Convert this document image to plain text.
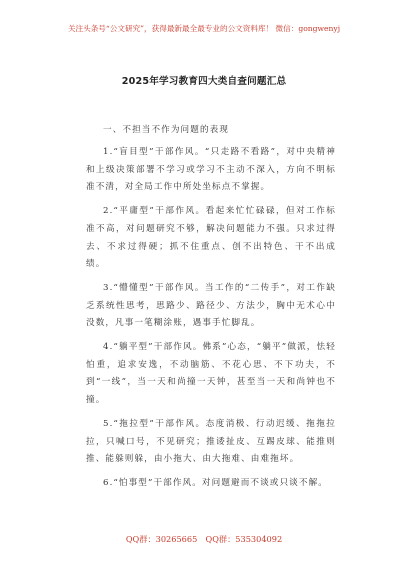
关注头条号“公文研究”，获得最新最全最专业的公文资料库！ 微信：gongwenyj
2025年学习教育四大类自查问题汇总

一、不担当不作为问题的表现

1.“盲目型”干部作风。“只走路不看路”，对中央精神和上级决策部署不学习或学习不主动不深入，方向不明标准不清，对全局工作中所处坐标点不掌握。

2.“平庸型”干部作风。看起来忙忙碌碌，但对工作标准不高，对问题研究不够，解决问题能力不强。只求过得去、不求过得硬；抓不住重点、创不出特色、干不出成绩。

3.“懵懂型”干部作风。当工作的“二传手”，对工作缺乏系统性思考，思路少、路径少、方法少，胸中无术心中没数，凡事一笔糊涂账，遇事手忙脚乱。

4.“躺平型”干部作风。佛系”心态，“躺平”做派，怯轻怕重，追求安逸，不动脑筋、不花心思、不下功夫，不到“一线”，当一天和尚撞一天钟，甚至当一天和尚钟也不撞。

5.“拖拉型”干部作风。态度消极、行动迟缓、拖拖拉拉，只喊口号，不见研究；推诿扯皮、互踢皮球、能推则推、能躲则躲，由小拖大、由大拖难、由难拖坏。

6.“怕事型”干部作风。对问题避而不谈或只谈不解。

QQ群：30265665　QQ群：535304092
